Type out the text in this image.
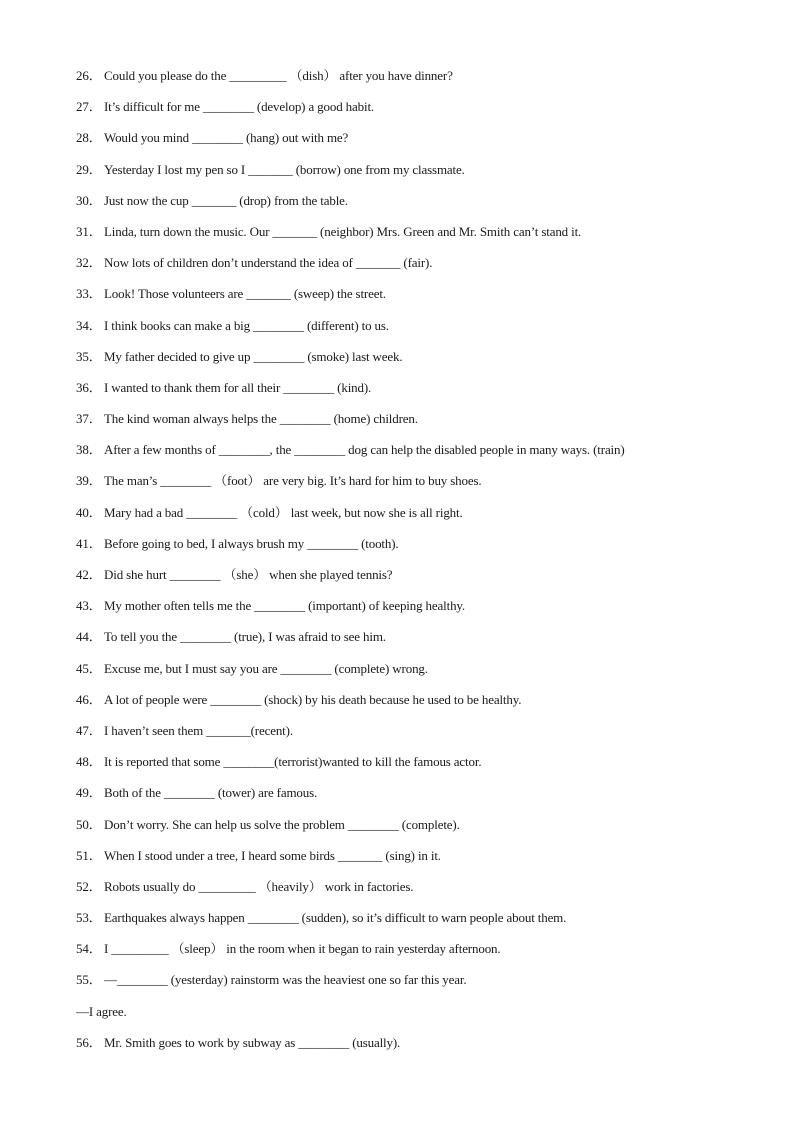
26． Could you please do the _________ （dish） after you have dinner?
27． It’s difficult for me ________ (develop) a good habit.
28． Would you mind ________ (hang) out with me?
29． Yesterday I lost my pen so I _______ (borrow) one from my classmate.
30． Just now the cup _______ (drop) from the table.
31． Linda, turn down the music. Our _______ (neighbor) Mrs. Green and Mr. Smith can’t stand it.
32． Now lots of children don’t understand the idea of _______ (fair).
33． Look! Those volunteers are _______ (sweep) the street.
34． I think books can make a big ________ (different) to us.
35． My father decided to give up ________ (smoke) last week.
36． I wanted to thank them for all their ________ (kind).
37． The kind woman always helps the ________ (home) children.
38． After a few months of ________, the ________ dog can help the disabled people in many ways. (train)
39． The man’s ________ （foot） are very big. It’s hard for him to buy shoes.
40． Mary had a bad ________ （cold） last week, but now she is all right.
41． Before going to bed, I always brush my ________ (tooth).
42． Did she hurt ________ （she） when she played tennis?
43． My mother often tells me the ________ (important) of keeping healthy.
44． To tell you the ________ (true), I was afraid to see him.
45． Excuse me, but I must say you are ________ (complete) wrong.
46． A lot of people were ________ (shock) by his death because he used to be healthy.
47． I haven’t seen them _______(recent).
48． It is reported that some ________(terrorist)wanted to kill the famous actor.
49． Both of the ________ (tower) are famous.
50． Don’t worry. She can help us solve the problem ________ (complete).
51． When I stood under a tree, I heard some birds _______ (sing) in it.
52． Robots usually do _________ （heavily） work in factories.
53． Earthquakes always happen ________ (sudden), so it’s difficult to warn people about them.
54． I _________ （sleep） in the room when it began to rain yesterday afternoon.
55． —________ (yesterday) rainstorm was the heaviest one so far this year.
—I agree.
56． Mr. Smith goes to work by subway as ________ (usually).
